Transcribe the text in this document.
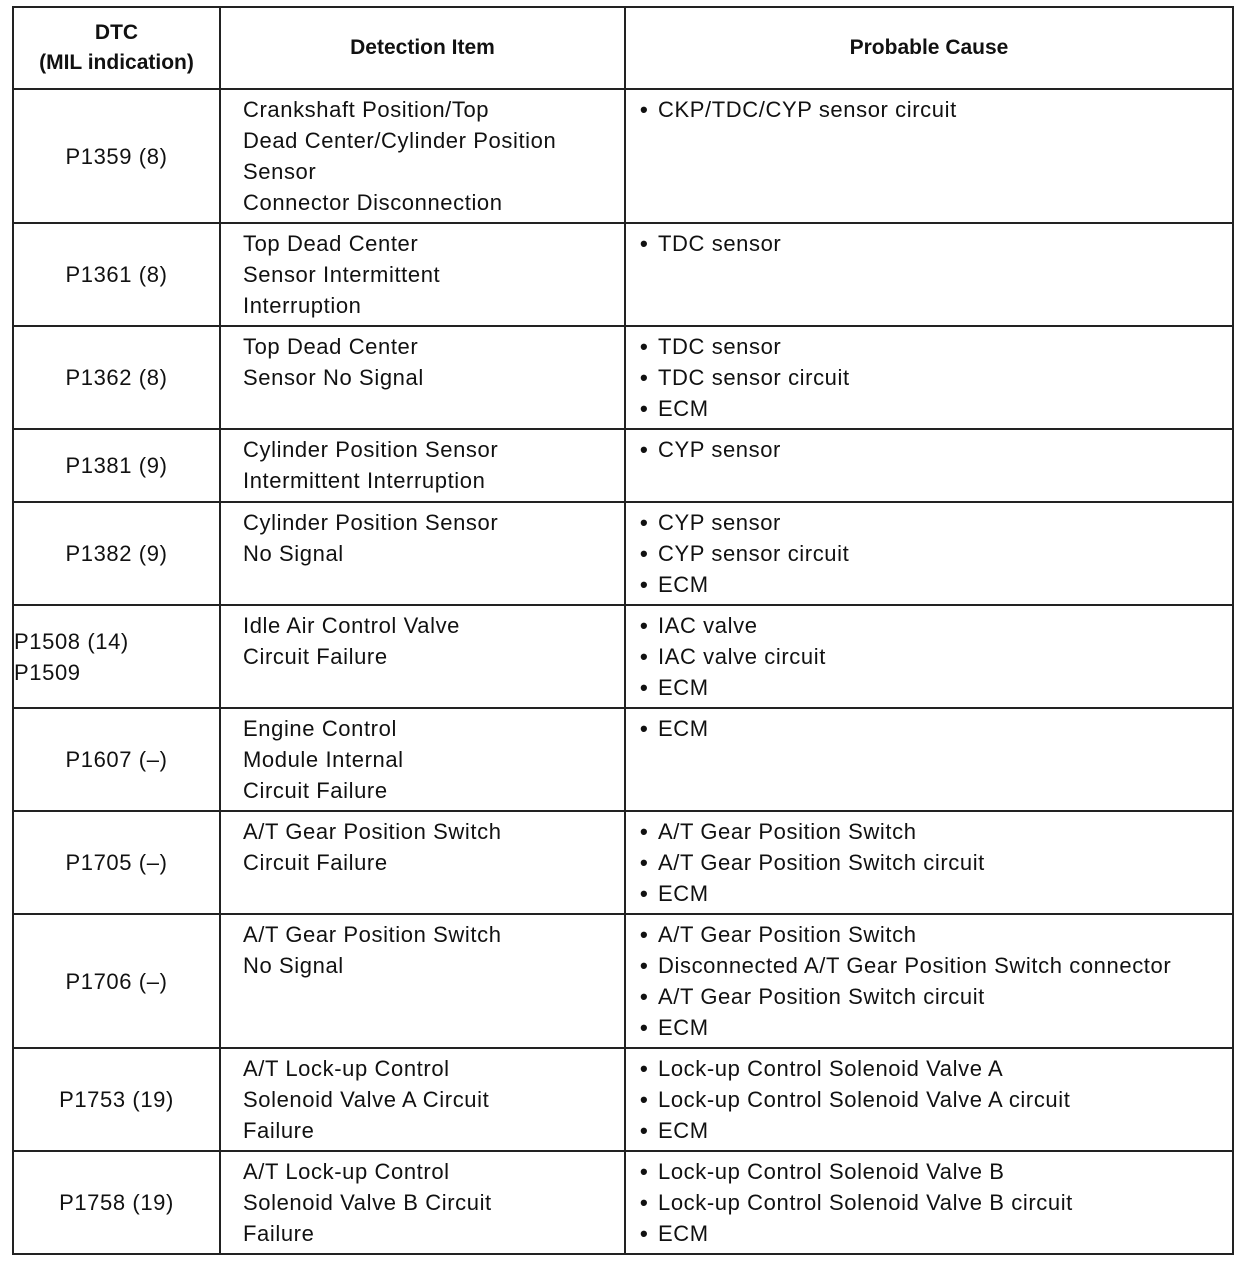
DTC
(MIL indication)	Detection Item	Probable Cause

P1359 (8)	Crankshaft Position/Top
Dead Center/Cylinder Position
Sensor
Connector Disconnection	• CKP/TDC/CYP sensor circuit

P1361 (8)	Top Dead Center
Sensor Intermittent
Interruption	• TDC sensor

P1362 (8)	Top Dead Center
Sensor No Signal	• TDC sensor
• TDC sensor circuit
• ECM

P1381 (9)	Cylinder Position Sensor
Intermittent Interruption	• CYP sensor

P1382 (9)	Cylinder Position Sensor
No Signal	• CYP sensor
• CYP sensor circuit
• ECM

P1508 (14)
P1509	Idle Air Control Valve
Circuit Failure	• IAC valve
• IAC valve circuit
• ECM

P1607 (–)	Engine Control
Module Internal
Circuit Failure	• ECM

P1705 (–)	A/T Gear Position Switch
Circuit Failure	• A/T Gear Position Switch
• A/T Gear Position Switch circuit
• ECM

P1706 (–)	A/T Gear Position Switch
No Signal	• A/T Gear Position Switch
• Disconnected A/T Gear Position Switch connector
• A/T Gear Position Switch circuit
• ECM

P1753 (19)	A/T Lock-up Control
Solenoid Valve A Circuit
Failure	• Lock-up Control Solenoid Valve A
• Lock-up Control Solenoid Valve A circuit
• ECM

P1758 (19)	A/T Lock-up Control
Solenoid Valve B Circuit
Failure	• Lock-up Control Solenoid Valve B
• Lock-up Control Solenoid Valve B circuit
• ECM
